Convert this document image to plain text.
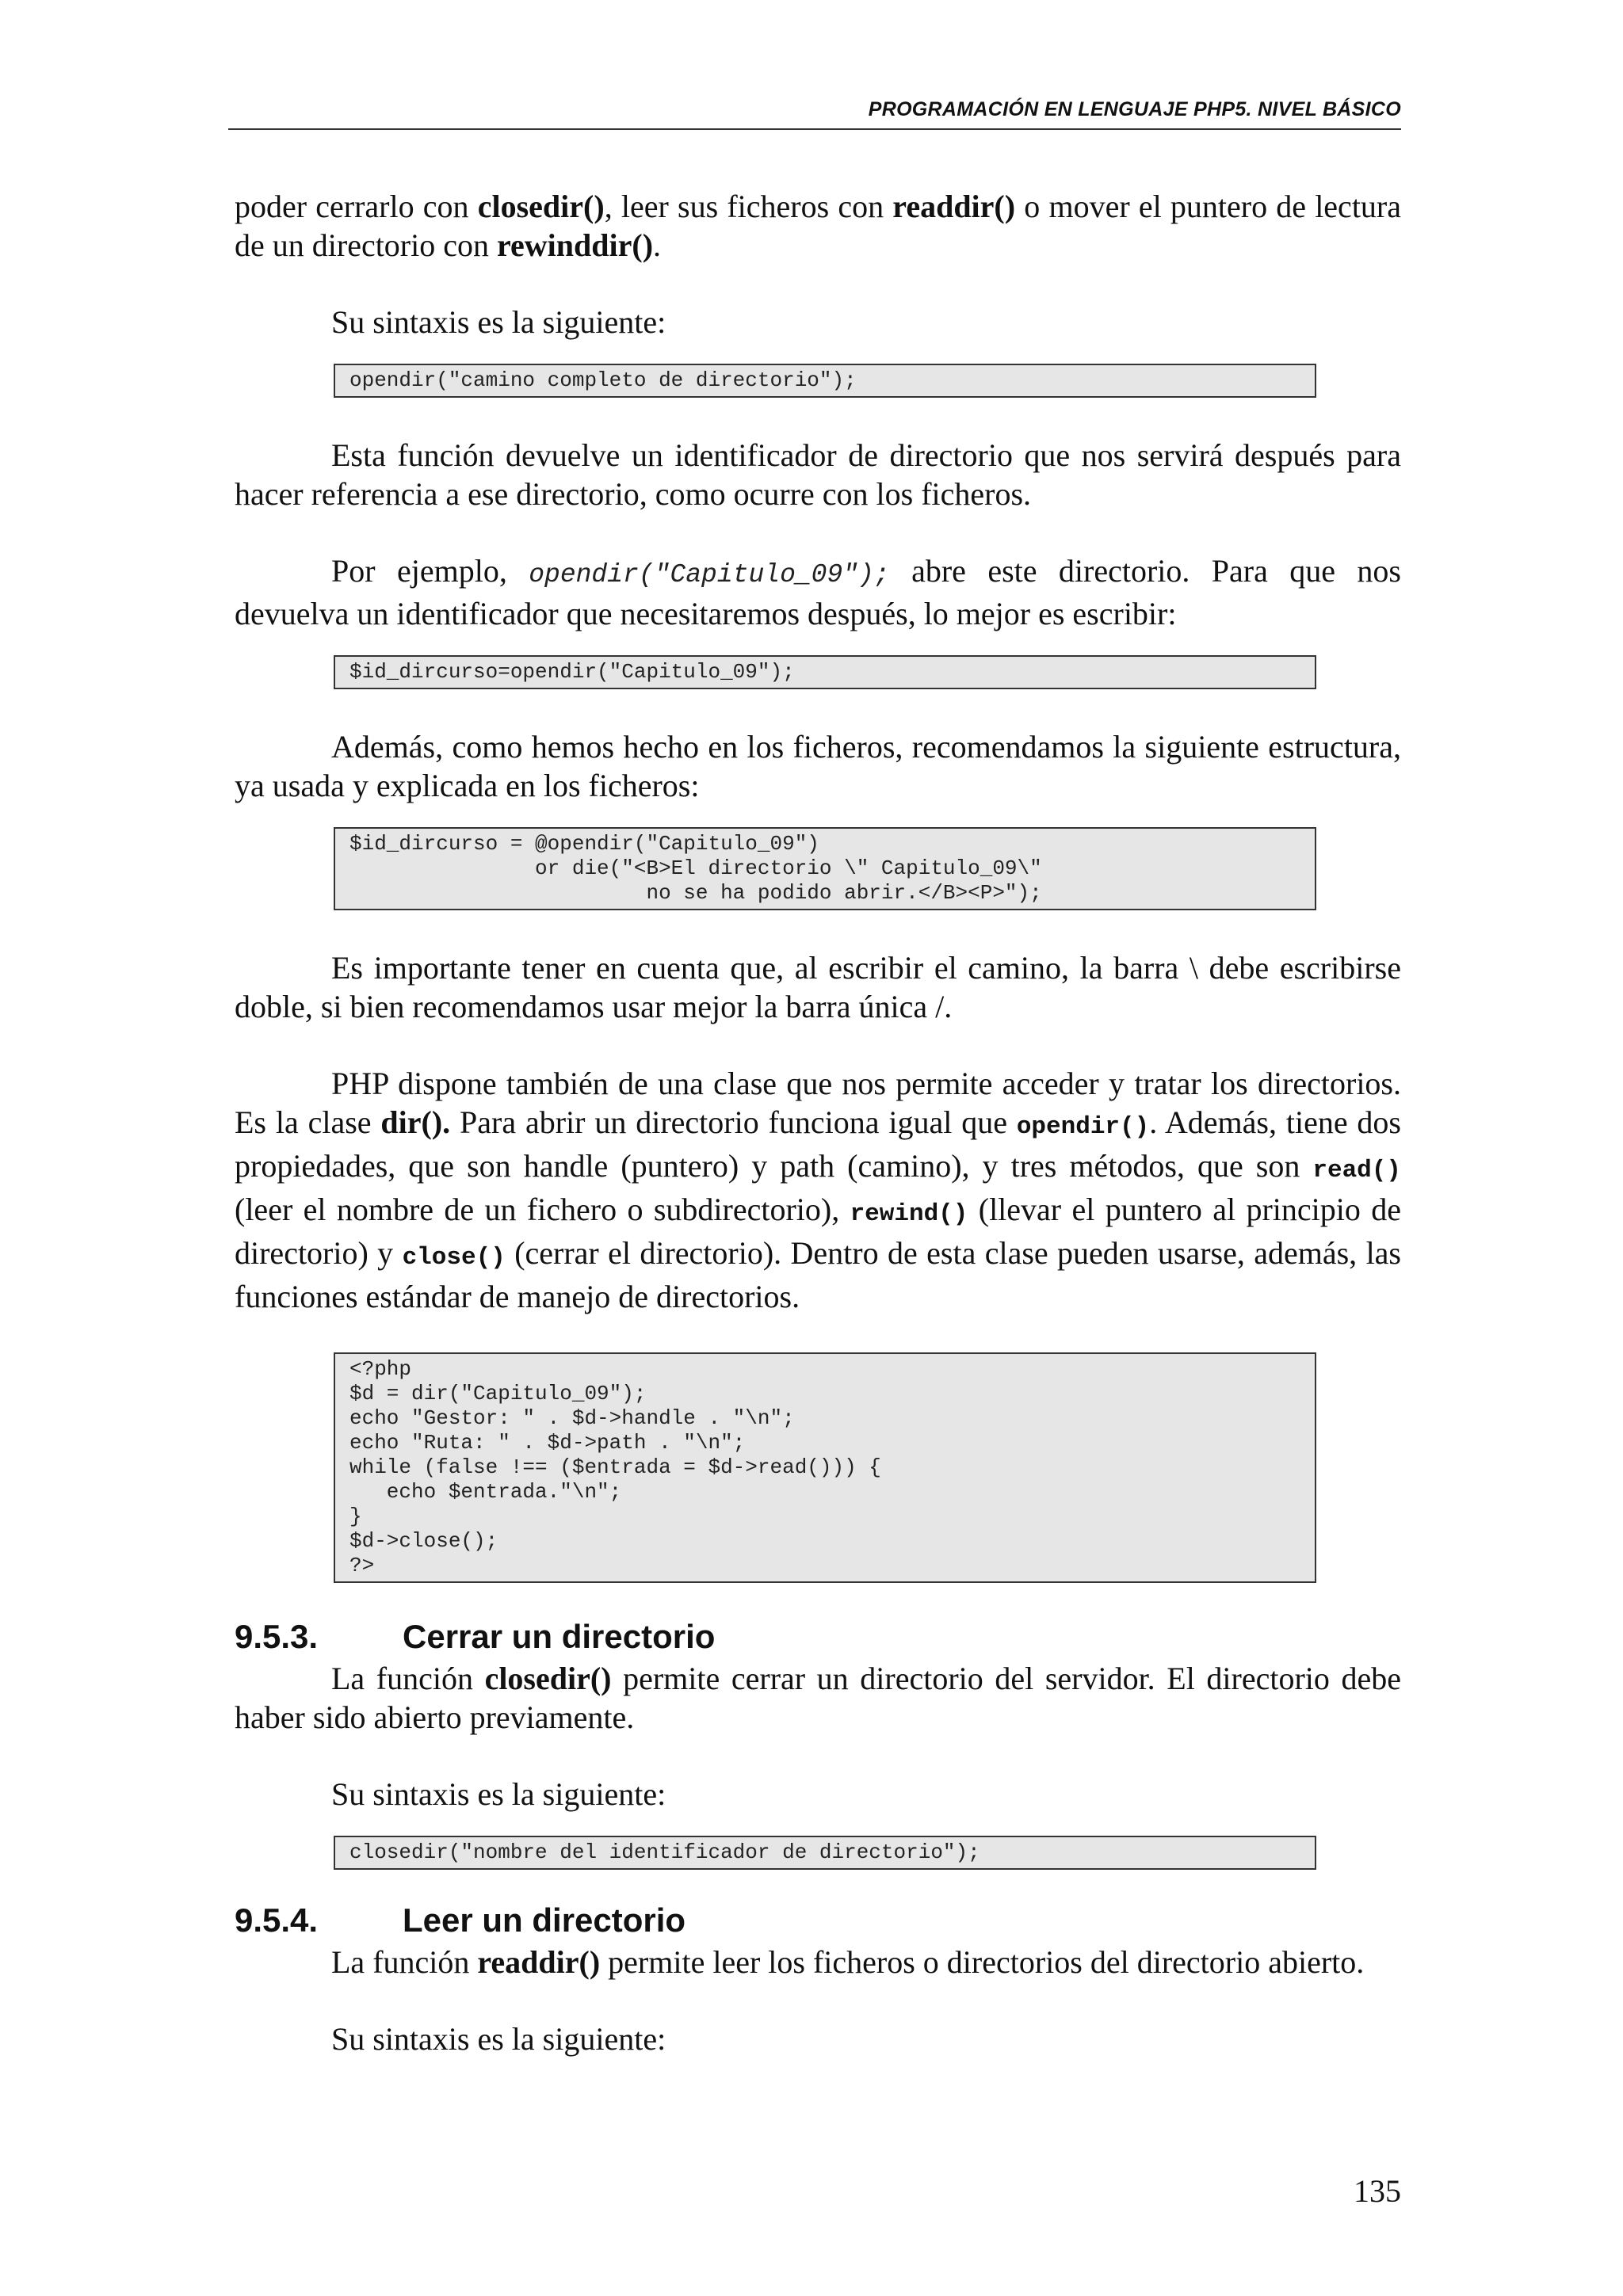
PROGRAMACIÓN EN LENGUAJE PHP5. NIVEL BÁSICO

poder cerrarlo con closedir(), leer sus ficheros con readdir() o mover el puntero de lectura de un directorio con rewinddir().

Su sintaxis es la siguiente:

opendir("camino completo de directorio");

Esta función devuelve un identificador de directorio que nos servirá después para hacer referencia a ese directorio, como ocurre con los ficheros.

Por ejemplo, opendir("Capitulo_09"); abre este directorio. Para que nos devuelva un identificador que necesitaremos después, lo mejor es escribir:

$id_dircurso=opendir("Capitulo_09");

Además, como hemos hecho en los ficheros, recomendamos la siguiente estructura, ya usada y explicada en los ficheros:

$id_dircurso = @opendir("Capitulo_09")
or die("<B>El directorio \" Capitulo_09\"
no se ha podido abrir.</B><P>");

Es importante tener en cuenta que, al escribir el camino, la barra \ debe escribirse doble, si bien recomendamos usar mejor la barra única /.

PHP dispone también de una clase que nos permite acceder y tratar los directorios. Es la clase dir(). Para abrir un directorio funciona igual que opendir(). Además, tiene dos propiedades, que son handle (puntero) y path (camino), y tres métodos, que son read() (leer el nombre de un fichero o subdirectorio), rewind() (llevar el puntero al principio de directorio) y close() (cerrar el directorio). Dentro de esta clase pueden usarse, además, las funciones estándar de manejo de directorios.

<?php
$d = dir("Capitulo_09");
echo "Gestor: " . $d->handle . "\n";
echo "Ruta: " . $d->path . "\n";
while (false !== ($entrada = $d->read())) {
echo $entrada."\n";
}
$d->close();
?>
9.5.3.	Cerrar un directorio

La función closedir() permite cerrar un directorio del servidor. El directorio debe haber sido abierto previamente.

Su sintaxis es la siguiente:

closedir("nombre del identificador de directorio");
9.5.4.	Leer un directorio

La función readdir() permite leer los ficheros o directorios del directorio abierto.

Su sintaxis es la siguiente:

135
